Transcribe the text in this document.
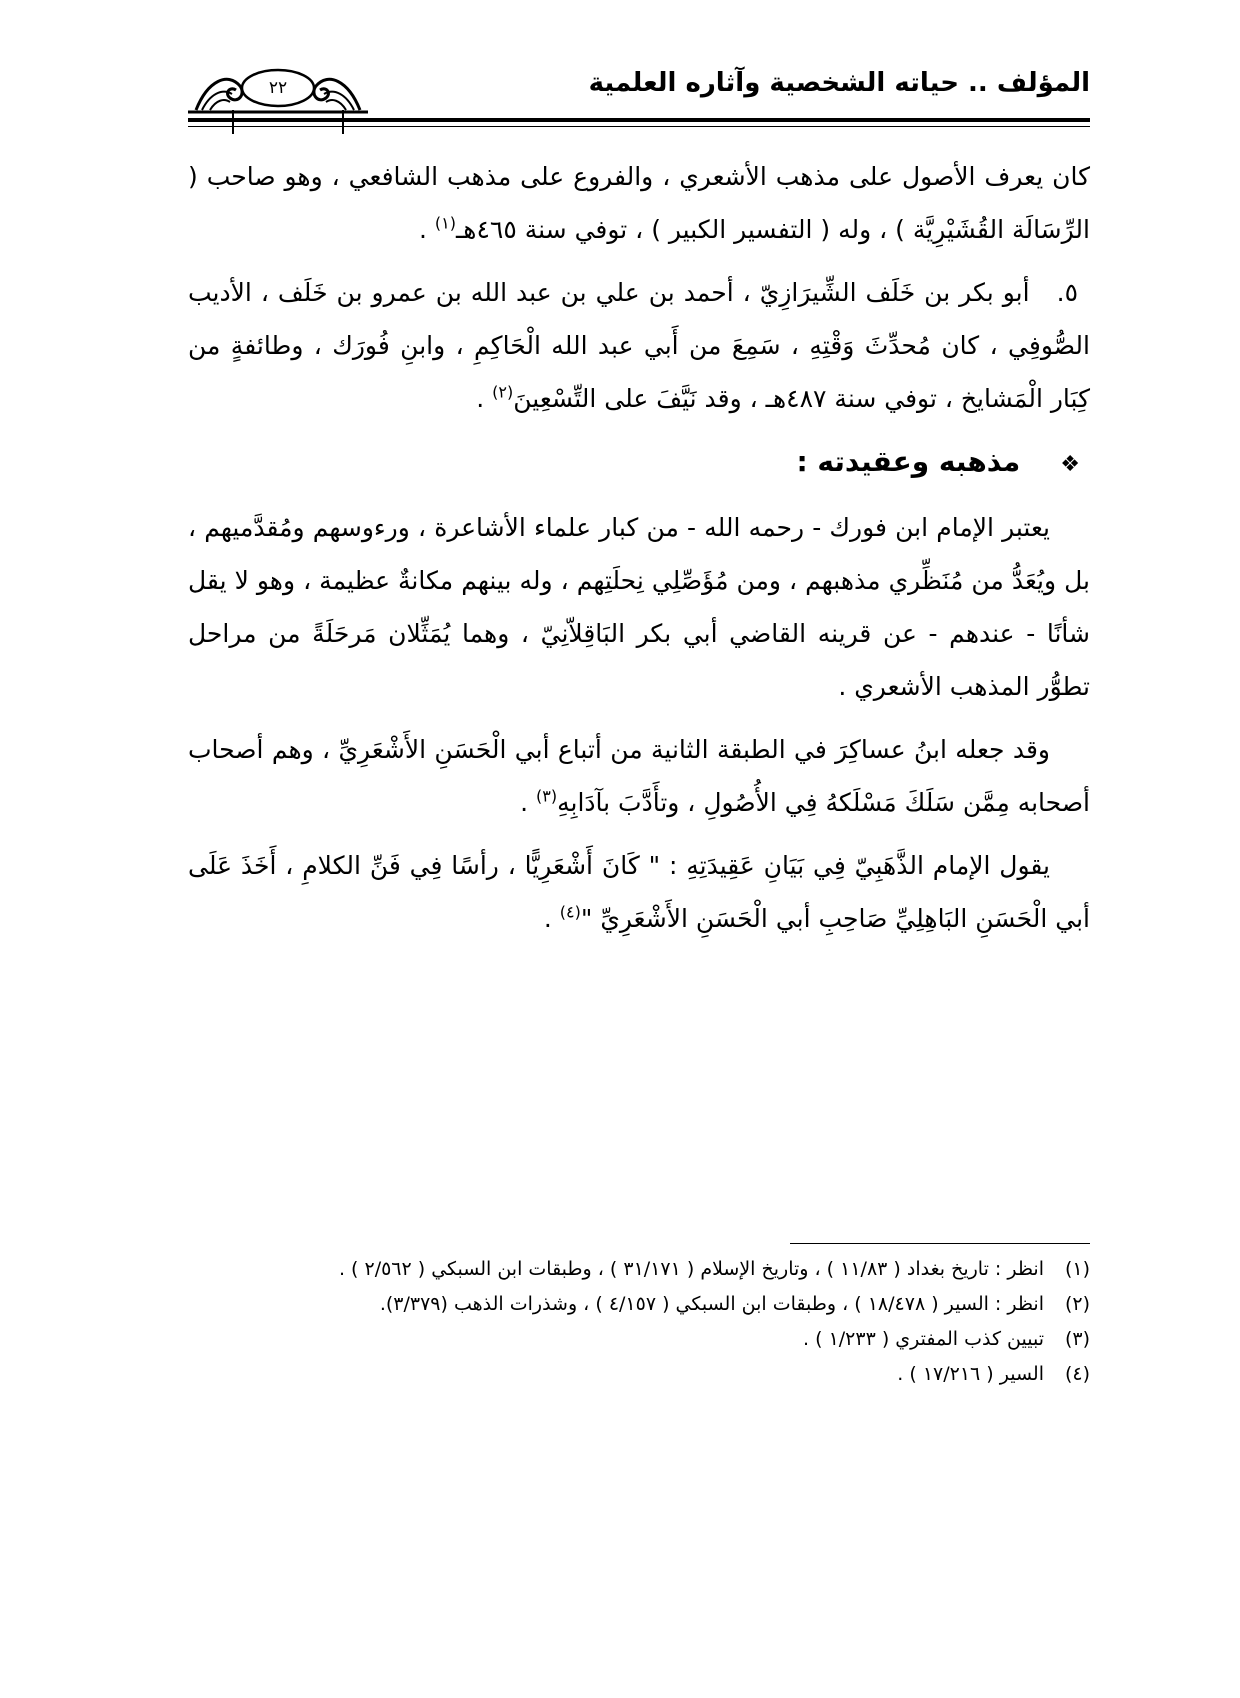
المؤلف .. حياته الشخصية وآثاره العلمية
٢٢

كان يعرف الأصول على مذهب الأشعري ، والفروع على مذهب الشافعي ، وهو صاحب ( الرِّسَالَة القُشَيْرِيَّة ) ، وله ( التفسير الكبير ) ، توفي سنة ٤٦٥هـ$^{(١)}$ .

٥.   أبو بكر بن خَلَف الشِّيرَازِيّ ، أحمد بن علي بن عبد الله بن عمرو بن خَلَف ، الأديب الصُّوفِي ، كان مُحدِّثَ وَقْتِهِ ، سَمِعَ من أَبي عبد الله الْحَاكِمِ ، وابنِ فُورَك ، وطائفةٍ من كِبَار الْمَشايخ ، توفي سنة ٤٨٧هـ ، وقد نَيَّفَ على التِّسْعِينَ$^{(٢)}$ .

❖مذهبه وعقيدته :

يعتبر الإمام ابن فورك - رحمه الله - من كبار علماء الأشاعرة ، ورءوسهم ومُقدَّميهم ، بل ويُعَدُّ من مُنَظِّري مذهبهم ، ومن مُؤَصِّلِي نِحلَتِهم ، وله بينهم مكانةٌ عظيمة ، وهو لا يقل شأنًا - عندهم - عن قرينه القاضي أبي بكر البَاقِلاّنِيّ ، وهما يُمَثِّلان مَرحَلَةً من مراحل تطوُّر المذهب الأشعري .

وقد جعله ابنُ عساكِرَ في الطبقة الثانية من أتباع أبي الْحَسَنِ الأَشْعَرِيِّ ، وهم أصحاب أصحابه مِمَّن سَلَكَ مَسْلَكهُ فِي الأُصُولِ ، وتأَدَّبَ بآدَابِهِ$^{(٣)}$ .

يقول الإمام الذَّهَبِيّ فِي بَيَانِ عَقِيدَتِهِ : " كَانَ أَشْعَرِيًّا ، رأسًا فِي فَنِّ الكلامِ ، أَخَذَ عَلَى أبي الْحَسَنِ البَاهِلِيِّ صَاحِبِ أبي الْحَسَنِ الأَشْعَرِيِّ "$^{(٤)}$ .

(١)
انظر : تاريخ بغداد ( ١١/٨٣ ) ، وتاريخ الإسلام ( ٣١/١٧١ ) ، وطبقات ابن السبكي ( ٢/٥٦٢ ) .
(٢)
انظر : السير ( ١٨/٤٧٨ ) ، وطبقات ابن السبكي ( ٤/١٥٧ ) ، وشذرات الذهب (٣/٣٧٩).
(٣)
تبيين كذب المفتري ( ١/٢٣٣ ) .
(٤)
السير ( ١٧/٢١٦ ) .
